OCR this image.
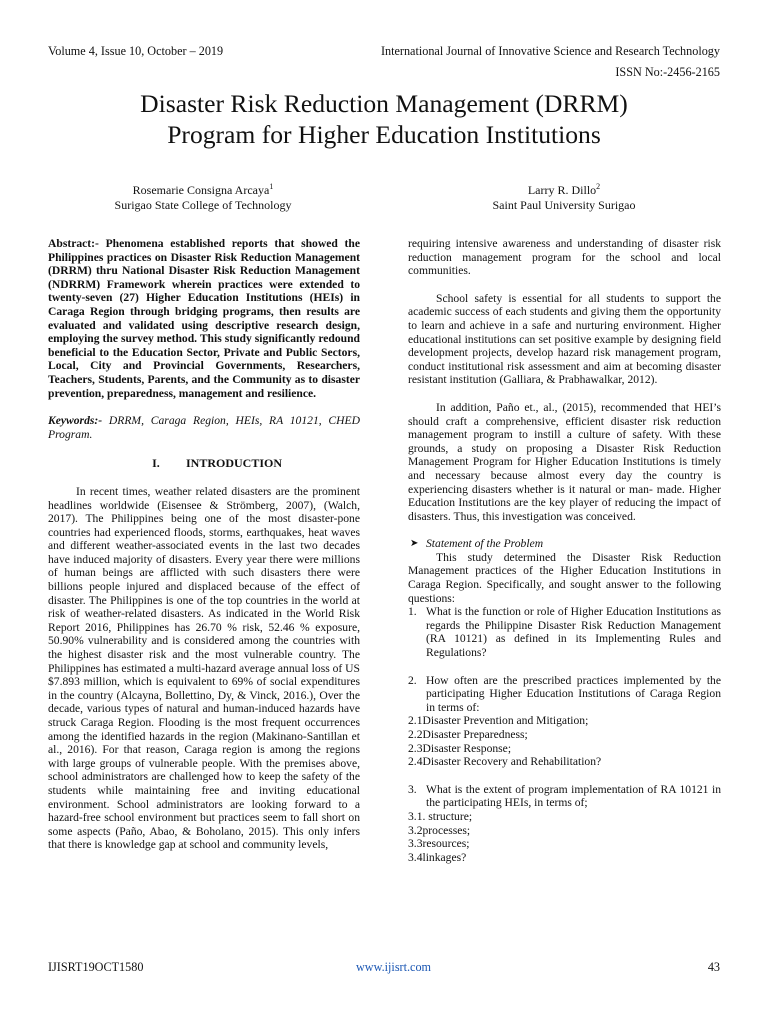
Volume 4, Issue 10, October – 2019	International Journal of Innovative Science and Research Technology
ISSN No:-2456-2165
Disaster Risk Reduction Management (DRRM)
Program for Higher Education Institutions
Rosemarie Consigna Arcaya$^1$
Surigao State College of Technology
Larry R. Dillo$^2$
Saint Paul University Surigao

Abstract:- Phenomena established reports that showed the Philippines practices on Disaster Risk Reduction Management (DRRM) thru National Disaster Risk Reduction Management (NDRRM) Framework wherein practices were extended to twenty-seven (27) Higher Education Institutions (HEIs) in Caraga Region through bridging programs, then results are evaluated and validated using descriptive research design, employing the survey method. This study significantly redound beneficial to the Education Sector, Private and Public Sectors, Local, City and Provincial Governments, Researchers, Teachers, Students, Parents, and the Community as to disaster prevention, preparedness, management and resilience.

Keywords:- DRRM, Caraga Region, HEIs, RA 10121, CHED Program.

I. INTRODUCTION

In recent times, weather related disasters are the prominent headlines worldwide (Eisensee & Strömberg, 2007), (Walch, 2017). The Philippines being one of the most disaster-pone countries had experienced floods, storms, earthquakes, heat waves and different weather-associated events in the last two decades have induced majority of disasters. Every year there were millions of human beings are afflicted with such disasters there were billions people injured and displaced because of the effect of disaster. The Philippines is one of the top countries in the world at risk of weather-related disasters. As indicated in the World Risk Report 2016, Philippines has 26.70 % risk, 52.46 % exposure, 50.90% vulnerability and is considered among the countries with the highest disaster risk and the most vulnerable country. The Philippines has estimated a multi-hazard average annual loss of US $7.893 million, which is equivalent to 69% of social expenditures in the country (Alcayna, Bollettino, Dy, & Vinck, 2016.), Over the decade, various types of natural and human-induced hazards have struck Caraga Region. Flooding is the most frequent occurrences among the identified hazards in the region (Makinano-Santillan et al., 2016). For that reason, Caraga region is among the regions with large groups of vulnerable people. With the premises above, school administrators are challenged how to keep the safety of the students while maintaining free and inviting educational environment. School administrators are looking forward to a hazard-free school environment but practices seem to fall short on some aspects (Paño, Abao, & Boholano, 2015). This only infers that there is knowledge gap at school and community levels,

requiring intensive awareness and understanding of disaster risk reduction management program for the school and local communities.

School safety is essential for all students to support the academic success of each students and giving them the opportunity to learn and achieve in a safe and nurturing environment. Higher educational institutions can set positive example by designing field development projects, develop hazard risk management program, conduct institutional risk assessment and aim at becoming disaster resistant institution (Galliara, & Prabhawalkar, 2012).

In addition, Paño et., al., (2015), recommended that HEI’s should craft a comprehensive, efficient disaster risk reduction management program to instill a culture of safety. With these grounds, a study on proposing a Disaster Risk Reduction Management Program for Higher Education Institutions is timely and necessary because almost every day the country is experiencing disasters whether is it natural or man- made. Higher Education Institutions are the key player of reducing the impact of disasters. Thus, this investigation was conceived.

➤ Statement of the Problem

This study determined the Disaster Risk Reduction Management practices of the Higher Education Institutions in Caraga Region. Specifically, and sought answer to the following questions:

1. What is the function or role of Higher Education Institutions as regards the Philippine Disaster Risk Reduction Management (RA 10121) as defined in its Implementing Rules and Regulations?
2. How often are the prescribed practices implemented by the participating Higher Education Institutions of Caraga Region in terms of:
2.1Disaster Prevention and Mitigation;
2.2Disaster Preparedness;
2.3Disaster Response;
2.4Disaster Recovery and Rehabilitation?
3. What is the extent of program implementation of RA 10121 in the participating HEIs, in terms of;
3.1. structure;
3.2processes;
3.3resources;
3.4linkages?
IJISRT19OCT1580	www.ijisrt.com	43
